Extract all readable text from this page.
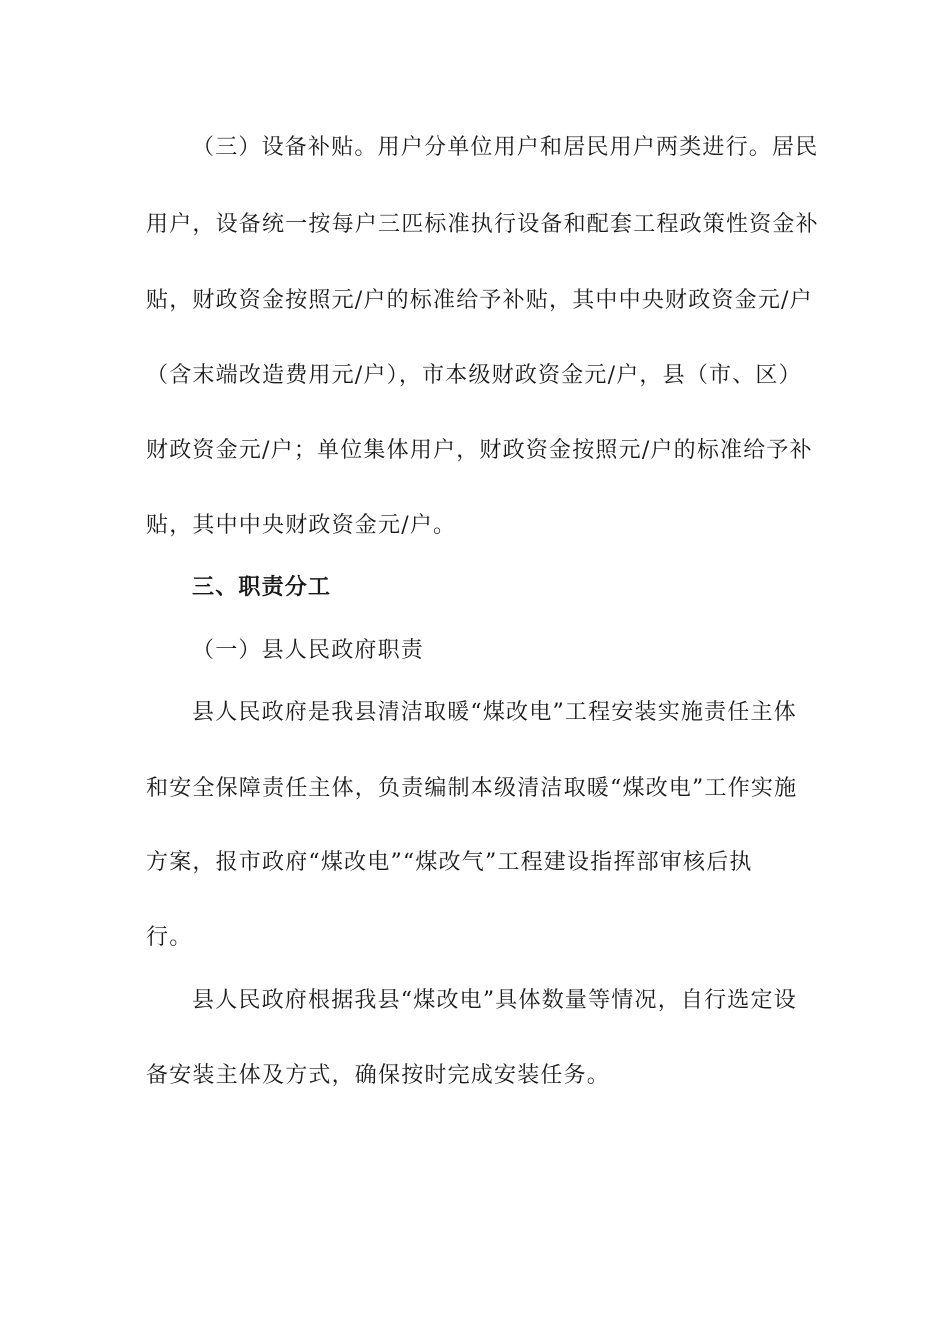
（三）设备补贴。用户分单位用户和居民用户两类进行。居民
用户，设备统一按每户三匹标准执行设备和配套工程政策性资金补
贴，财政资金按照元/户的标准给予补贴，其中中央财政资金元/户
（含末端改造费用元/户），市本级财政资金元/户，县（市、区）
财政资金元/户；单位集体用户，财政资金按照元/户的标准给予补
贴，其中中央财政资金元/户。
三、职责分工
（一）县人民政府职责
县人民政府是我县清洁取暖“煤改电”工程安装实施责任主体
和安全保障责任主体，负责编制本级清洁取暖“煤改电”工作实施
方案，报市政府“煤改电”“煤改气”工程建设指挥部审核后执
行。
县人民政府根据我县“煤改电”具体数量等情况，自行选定设
备安装主体及方式，确保按时完成安装任务。
